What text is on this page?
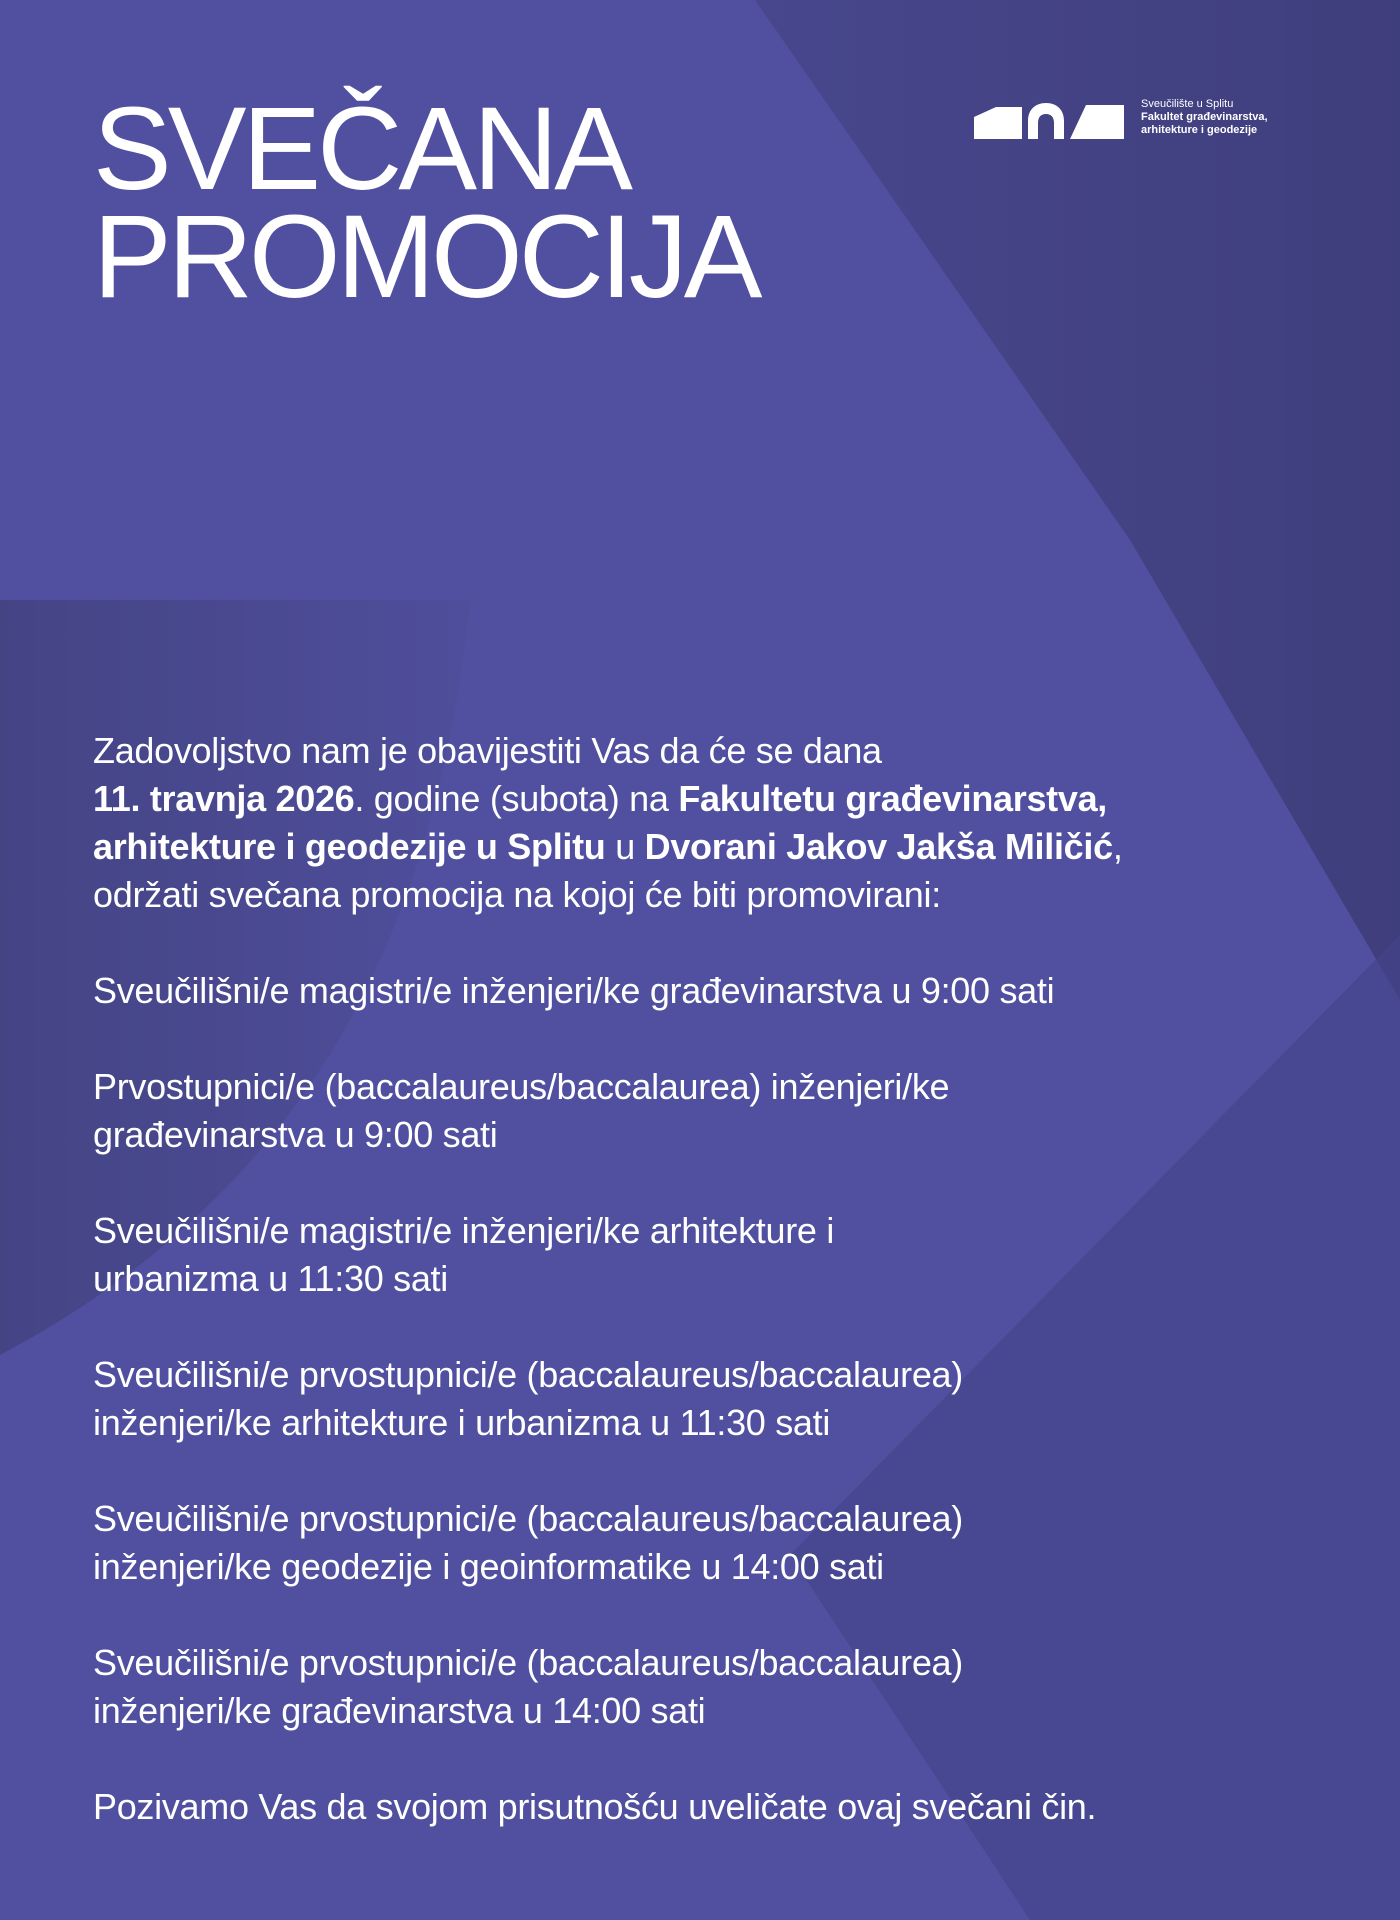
SVEČANA
PROMOCIJA
Sveučilište u Splitu
Fakultet građevinarstva,
arhitekture i geodezije

Zadovoljstvo nam je obavijestiti Vas da će se dana
11. travnja 2026. godine (subota) na Fakultetu građevinarstva,
arhitekture i geodezije u Splitu u Dvorani Jakov Jakša Miličić,
održati svečana promocija na kojoj će biti promovirani:

Sveučilišni/e magistri/e inženjeri/ke građevinarstva u 9:00 sati

Prvostupnici/e (baccalaureus/baccalaurea) inženjeri/ke
građevinarstva u 9:00 sati

Sveučilišni/e magistri/e inženjeri/ke arhitekture i
urbanizma u 11:30 sati

Sveučilišni/e prvostupnici/e (baccalaureus/baccalaurea)
inženjeri/ke arhitekture i urbanizma u 11:30 sati

Sveučilišni/e prvostupnici/e (baccalaureus/baccalaurea)
inženjeri/ke geodezije i geoinformatike u 14:00 sati

Sveučilišni/e prvostupnici/e (baccalaureus/baccalaurea)
inženjeri/ke građevinarstva u 14:00 sati

Pozivamo Vas da svojom prisutnošću uveličate ovaj svečani čin.
